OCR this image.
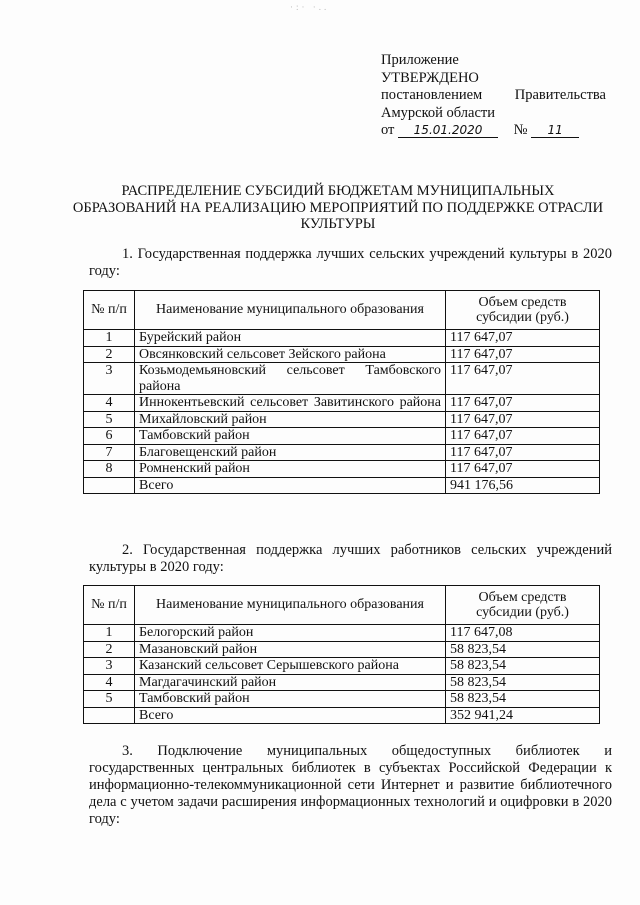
·:· ·..
Приложение
УТВЕРЖДЕНО
постановлением Правительства
Амурской области
от 15.01.2020 № 11
РАСПРЕДЕЛЕНИЕ СУБСИДИЙ БЮДЖЕТАМ МУНИЦИПАЛЬНЫХ ОБРАЗОВАНИЙ НА РЕАЛИЗАЦИЮ МЕРОПРИЯТИЙ ПО ПОДДЕРЖКЕ ОТРАСЛИ КУЛЬТУРЫ
1. Государственная поддержка лучших сельских учреждений культуры в 2020 году:
№ п/п	Наименование муниципального образования	Объем средств субсидии (руб.)
1	Бурейский район	117 647,07
2	Овсянковский сельсовет Зейского района	117 647,07
3	Козьмодемьяновский сельсовет Тамбовского района	117 647,07
4	Иннокентьевский сельсовет Завитинского района	117 647,07
5	Михайловский район	117 647,07
6	Тамбовский район	117 647,07
7	Благовещенский район	117 647,07
8	Ромненский район	117 647,07
	Всего	941 176,56
2. Государственная поддержка лучших работников сельских учреждений культуры в 2020 году:
№ п/п	Наименование муниципального образования	Объем средств субсидии (руб.)
1	Белогорский район	117 647,08
2	Мазановский район	58 823,54
3	Казанский сельсовет Серышевского района	58 823,54
4	Магдагачинский район	58 823,54
5	Тамбовский район	58 823,54
	Всего	352 941,24
3. Подключение муниципальных общедоступных библиотек и государственных центральных библиотек в субъектах Российской Федерации к информационно-телекоммуникационной сети Интернет и развитие библиотечного дела с учетом задачи расширения информационных технологий и оцифровки в 2020 году:
